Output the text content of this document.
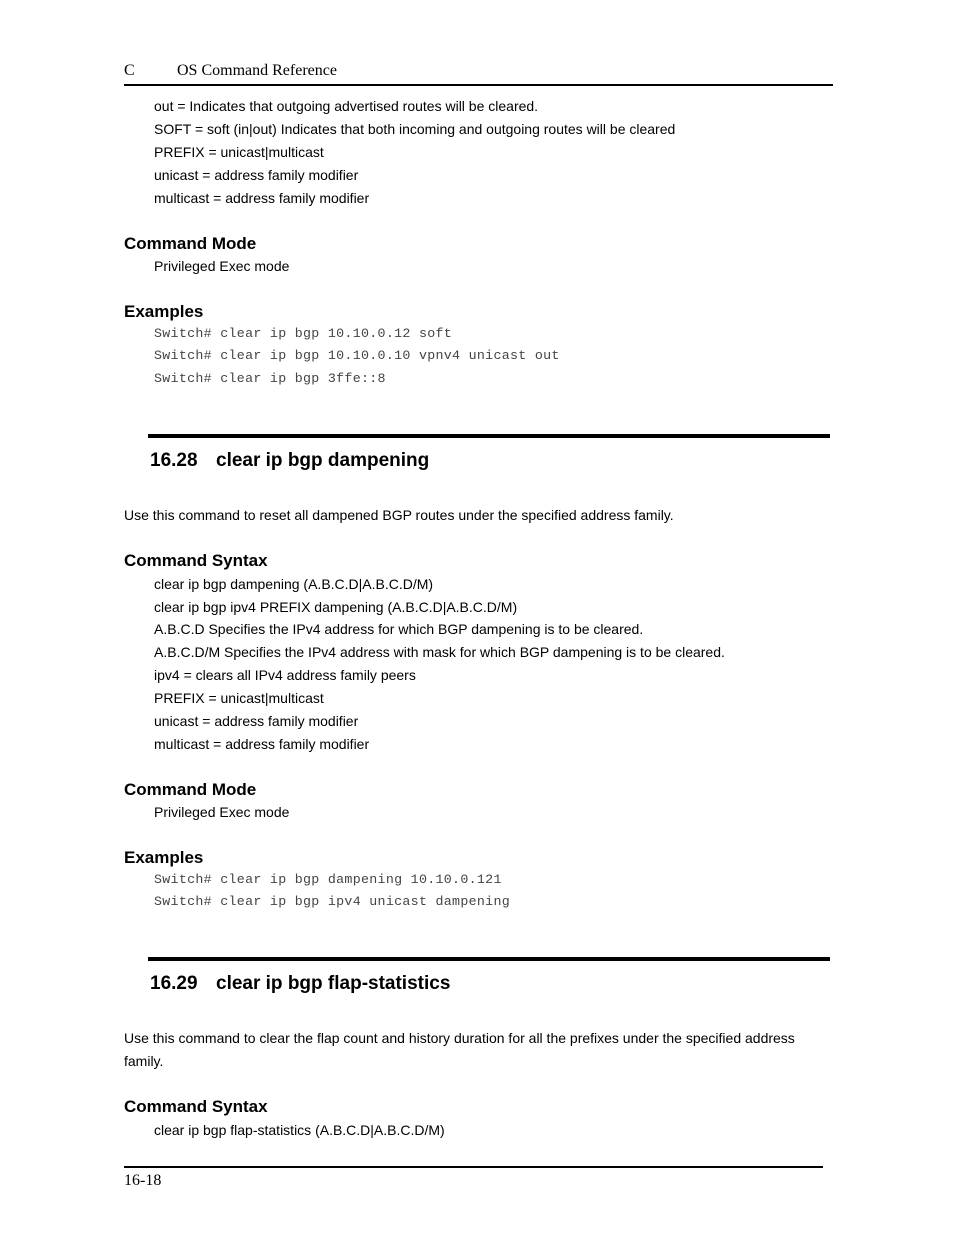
C	OS Command Reference
out = Indicates that outgoing advertised routes will be cleared.
SOFT = soft (in|out) Indicates that both incoming and outgoing routes will be cleared
PREFIX = unicast|multicast
unicast = address family modifier
multicast = address family modifier
Command Mode
Privileged Exec mode
Examples
Switch# clear ip bgp 10.10.0.12 soft
Switch# clear ip bgp 10.10.0.10 vpnv4 unicast out
Switch# clear ip bgp 3ffe::8
16.28 clear ip bgp dampening
Use this command to reset all dampened BGP routes under the specified address family.
Command Syntax
clear ip bgp dampening (A.B.C.D|A.B.C.D/M)
clear ip bgp ipv4 PREFIX dampening (A.B.C.D|A.B.C.D/M)
A.B.C.D Specifies the IPv4 address for which BGP dampening is to be cleared.
A.B.C.D/M Specifies the IPv4 address with mask for which BGP dampening is to be cleared.
ipv4 = clears all IPv4 address family peers
PREFIX = unicast|multicast
unicast = address family modifier
multicast = address family modifier
Command Mode
Privileged Exec mode
Examples
Switch# clear ip bgp dampening 10.10.0.121
Switch# clear ip bgp ipv4 unicast dampening
16.29 clear ip bgp flap-statistics
Use this command to clear the flap count and history duration for all the prefixes under the specified address family.
Command Syntax
clear ip bgp flap-statistics (A.B.C.D|A.B.C.D/M)
16-18
